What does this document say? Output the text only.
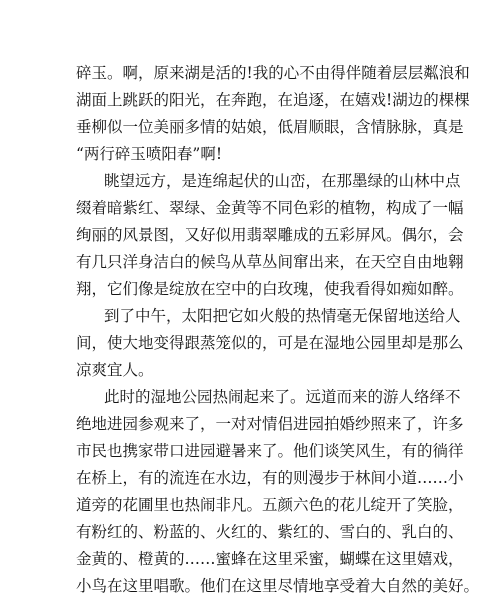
碎玉。啊，原来湖是活的!我的心不由得伴随着层层粼浪和
湖面上跳跃的阳光，在奔跑，在追逐，在嬉戏!湖边的棵棵
垂柳似一位美丽多情的姑娘，低眉顺眼，含情脉脉，真是
“两行碎玉喷阳春”啊!
眺望远方，是连绵起伏的山峦，在那墨绿的山林中点
缀着暗紫红、翠绿、金黄等不同色彩的植物，构成了一幅
绚丽的风景图，又好似用翡翠雕成的五彩屏风。偶尔，会
有几只洋身洁白的候鸟从草丛间窜出来，在天空自由地翱
翔，它们像是绽放在空中的白玫瑰，使我看得如痴如醉。
到了中午，太阳把它如火般的热情毫无保留地送给人
间，使大地变得跟蒸笼似的，可是在湿地公园里却是那么
凉爽宜人。
此时的湿地公园热闹起来了。远道而来的游人络绎不
绝地进园参观来了，一对对情侣进园拍婚纱照来了，许多
市民也携家带口进园避暑来了。他们谈笑风生，有的徜徉
在桥上，有的流连在水边，有的则漫步于林间小道……小
道旁的花圃里也热闹非凡。五颜六色的花儿绽开了笑脸，
有粉红的、粉蓝的、火红的、紫红的、雪白的、乳白的、
金黄的、橙黄的……蜜蜂在这里采蜜，蝴蝶在这里嬉戏，
小鸟在这里唱歌。他们在这里尽情地享受着大自然的美好。
